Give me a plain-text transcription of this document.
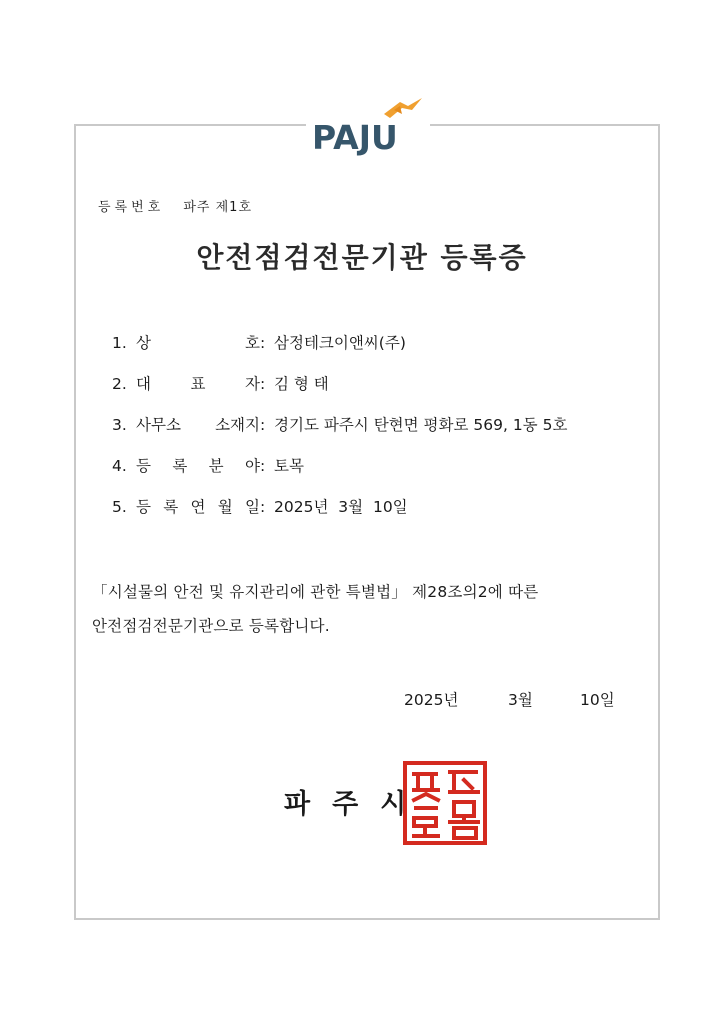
PAJU
등록번호 파주 제1호
안전점검전문기관 등록증
1. 상	호 : 삼정테크이앤씨(주)
2. 대	표	자 : 김 형 태
3. 사무소 소재지 : 경기도 파주시 탄현면 평화로 569, 1동 5호
4. 등 록 분 야 : 토목
5. 등 록 연 월 일 : 2025년  3월  10일
「시설물의 안전 및 유지관리에 관한 특별법」 제28조의2에 따른
안전점검전문기관으로 등록합니다.
2025년	3월	10일
파주시	파주시장인
